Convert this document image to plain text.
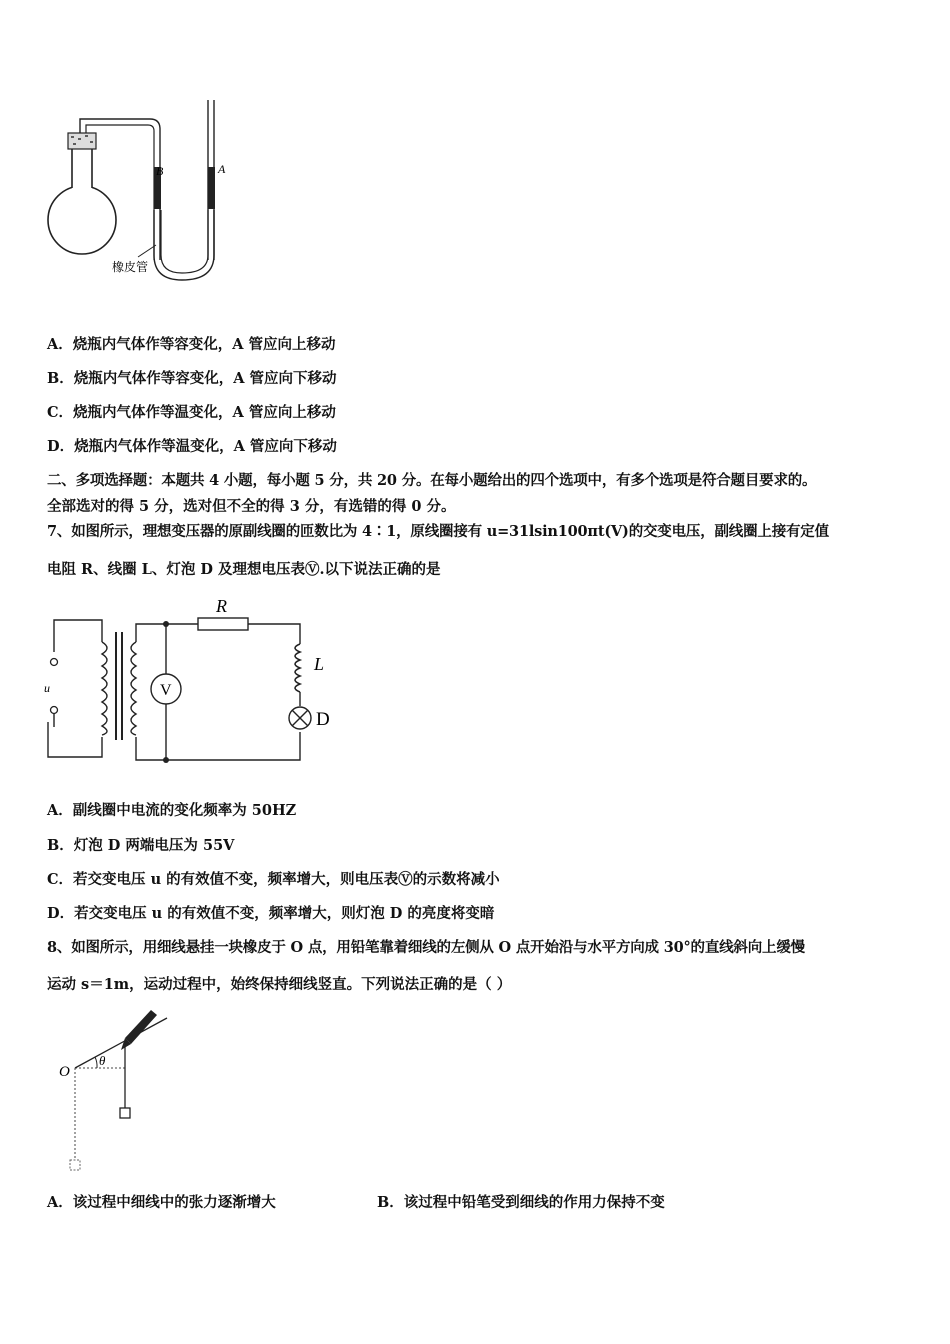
B	A
橡皮管
A．烧瓶内气体作等容变化，A 管应向上移动
B．烧瓶内气体作等容变化，A 管应向下移动
C．烧瓶内气体作等温变化，A 管应向上移动
D．烧瓶内气体作等温变化，A 管应向下移动
二、多项选择题：本题共 4 小题，每小题 5 分，共 20 分。在每小题给出的四个选项中，有多个选项是符合题目要求的。
全部选对的得 5 分，选对但不全的得 3 分，有选错的得 0 分。
7、如图所示，理想变压器的原副线圈的匝数比为 4∶1，原线圈接有 u=31lsin100πt(V)的交变电压，副线圈上接有定值
电阻 R、线圈 L、灯泡 D 及理想电压表Ⓥ.以下说法正确的是
u	V
R
L
D
A．副线圈中电流的变化频率为 50HZ
B．灯泡 D 两端电压为 55V
C．若交变电压 u 的有效值不变，频率增大，则电压表Ⓥ的示数将减小
D．若交变电压 u 的有效值不变，频率增大，则灯泡 D 的亮度将变暗
8、如图所示，用细线悬挂一块橡皮于 O 点，用铅笔靠着细线的左侧从 O 点开始沿与水平方向成 30°的直线斜向上缓慢
运动 s＝1m，运动过程中，始终保持细线竖直。下列说法正确的是（ ）
θ
O
A．该过程中细线中的张力逐渐增大	B．该过程中铅笔受到细线的作用力保持不变
